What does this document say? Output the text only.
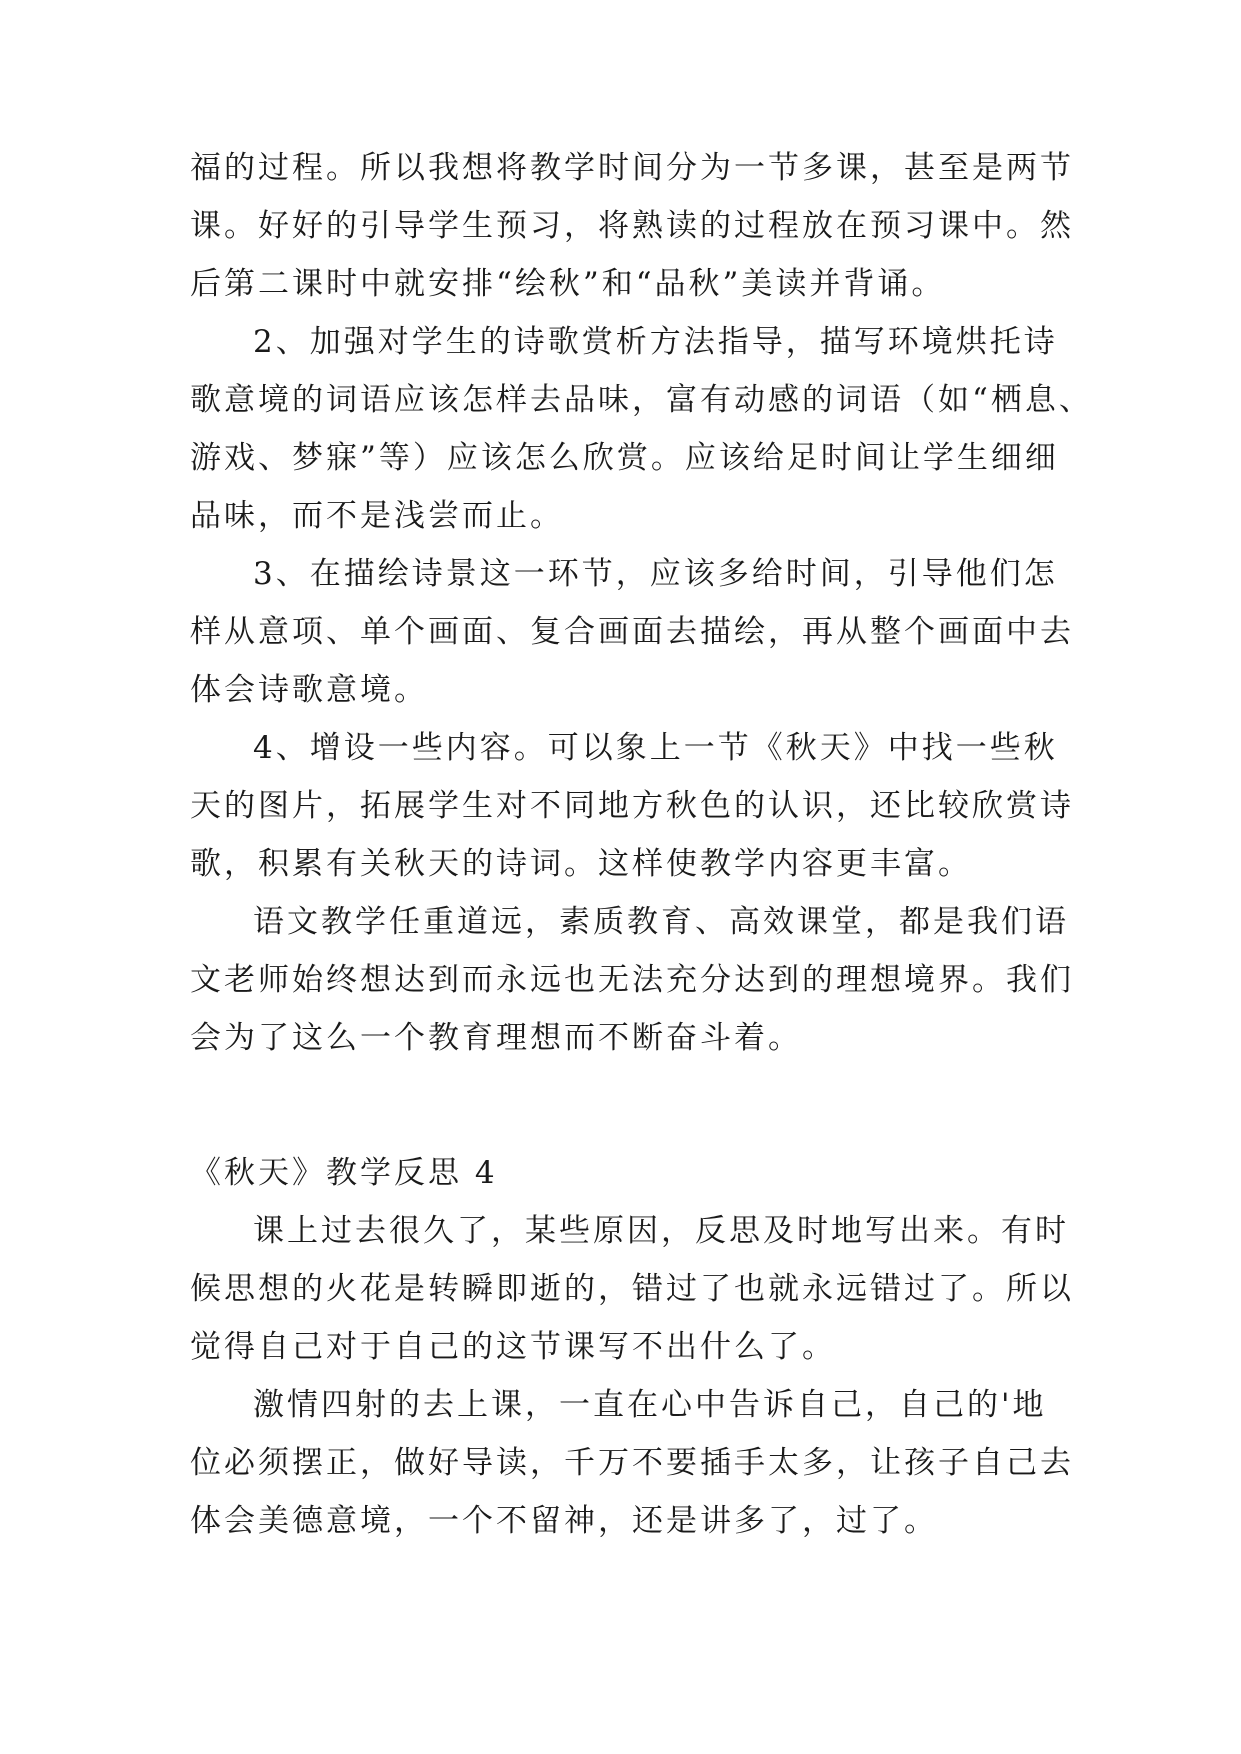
福的过程。所以我想将教学时间分为一节多课，甚至是两节
课。好好的引导学生预习，将熟读的过程放在预习课中。然
后第二课时中就安排“绘秋”和“品秋”美读并背诵。
2、加强对学生的诗歌赏析方法指导，描写环境烘托诗
歌意境的词语应该怎样去品味，富有动感的词语（如“栖息、
游戏、梦寐”等）应该怎么欣赏。应该给足时间让学生细细
品味，而不是浅尝而止。
3、在描绘诗景这一环节，应该多给时间，引导他们怎
样从意项、单个画面、复合画面去描绘，再从整个画面中去
体会诗歌意境。
4、增设一些内容。可以象上一节《秋天》中找一些秋
天的图片，拓展学生对不同地方秋色的认识，还比较欣赏诗
歌，积累有关秋天的诗词。这样使教学内容更丰富。
语文教学任重道远，素质教育、高效课堂，都是我们语
文老师始终想达到而永远也无法充分达到的理想境界。我们
会为了这么一个教育理想而不断奋斗着。
《秋天》教学反思 4
课上过去很久了，某些原因，反思及时地写出来。有时
候思想的火花是转瞬即逝的，错过了也就永远错过了。所以
觉得自己对于自己的这节课写不出什么了。
激情四射的去上课，一直在心中告诉自己，自己的'地
位必须摆正，做好导读，千万不要插手太多，让孩子自己去
体会美德意境，一个不留神，还是讲多了，过了。
